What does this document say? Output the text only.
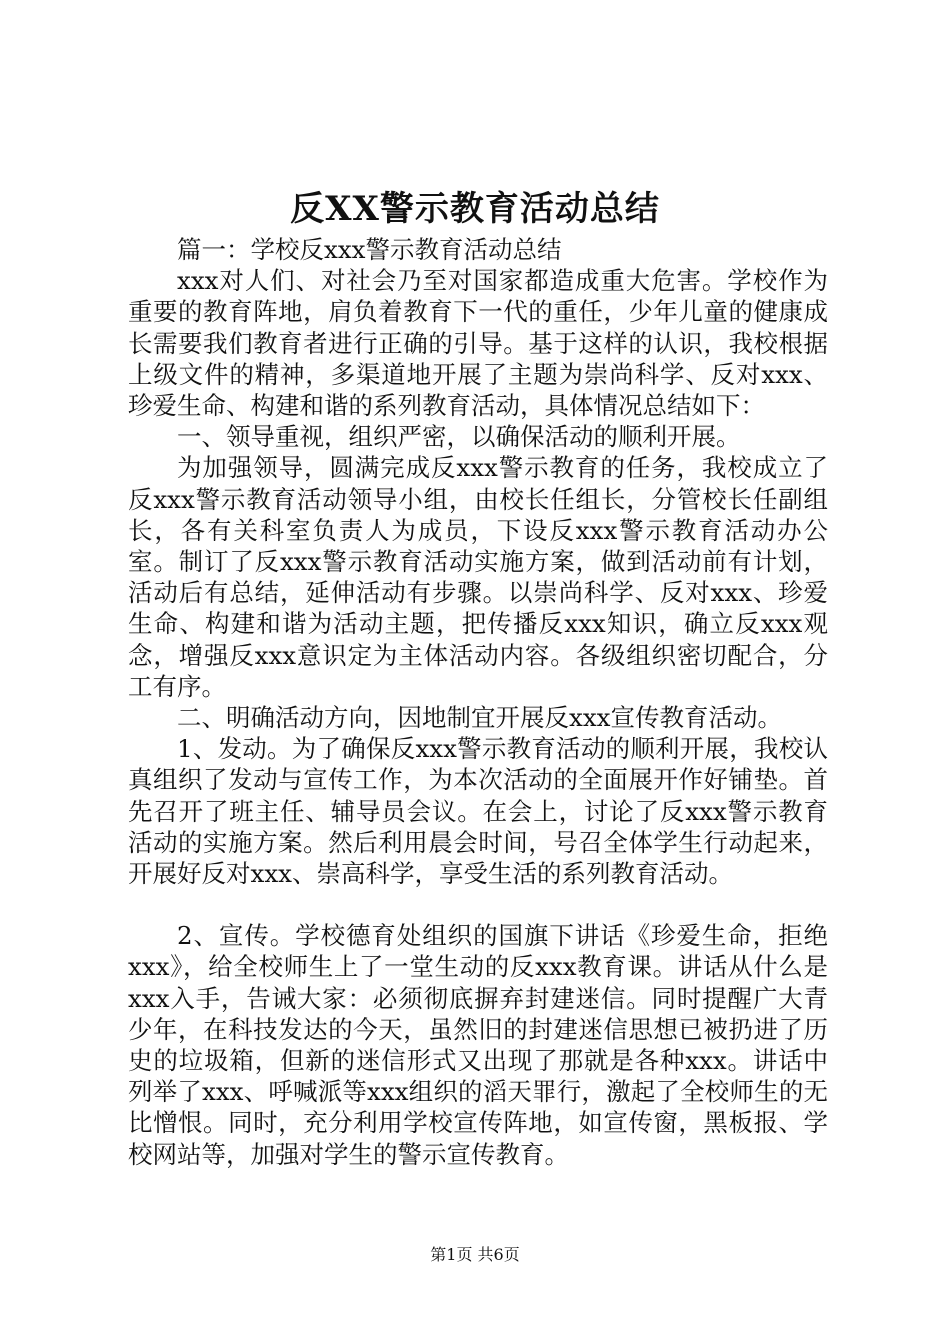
反XX警示教育活动总结

篇一：学校反xxx警示教育活动总结

xxx对人们、对社会乃至对国家都造成重大危害。学校作为重要的教育阵地，肩负着教育下一代的重任，少年儿童的健康成长需要我们教育者进行正确的引导。基于这样的认识，我校根据上级文件的精神，多渠道地开展了主题为崇尚科学、反对xxx、珍爱生命、构建和谐的系列教育活动，具体情况总结如下：

一、领导重视，组织严密，以确保活动的顺利开展。

为加强领导，圆满完成反xxx警示教育的任务，我校成立了反xxx警示教育活动领导小组，由校长任组长，分管校长任副组长，各有关科室负责人为成员，下设反xxx警示教育活动办公室。制订了反xxx警示教育活动实施方案，做到活动前有计划，活动后有总结，延伸活动有步骤。以崇尚科学、反对xxx、珍爱生命、构建和谐为活动主题，把传播反xxx知识，确立反xxx观念，增强反xxx意识定为主体活动内容。各级组织密切配合，分工有序。

二、明确活动方向，因地制宜开展反xxx宣传教育活动。

1、发动。为了确保反xxx警示教育活动的顺利开展，我校认真组织了发动与宣传工作，为本次活动的全面展开作好铺垫。首先召开了班主任、辅导员会议。在会上，讨论了反xxx警示教育活动的实施方案。然后利用晨会时间，号召全体学生行动起来，开展好反对xxx、崇高科学，享受生活的系列教育活动。

2、宣传。学校德育处组织的国旗下讲话《珍爱生命，拒绝xxx》，给全校师生上了一堂生动的反xxx教育课。讲话从什么是xxx入手，告诫大家：必须彻底摒弃封建迷信。同时提醒广大青少年，在科技发达的今天，虽然旧的封建迷信思想已被扔进了历史的垃圾箱，但新的迷信形式又出现了那就是各种xxx。讲话中列举了xxx、呼喊派等xxx组织的滔天罪行，激起了全校师生的无比憎恨。同时，充分利用学校宣传阵地，如宣传窗，黑板报、学校网站等，加强对学生的警示宣传教育。

第1页 共6页
